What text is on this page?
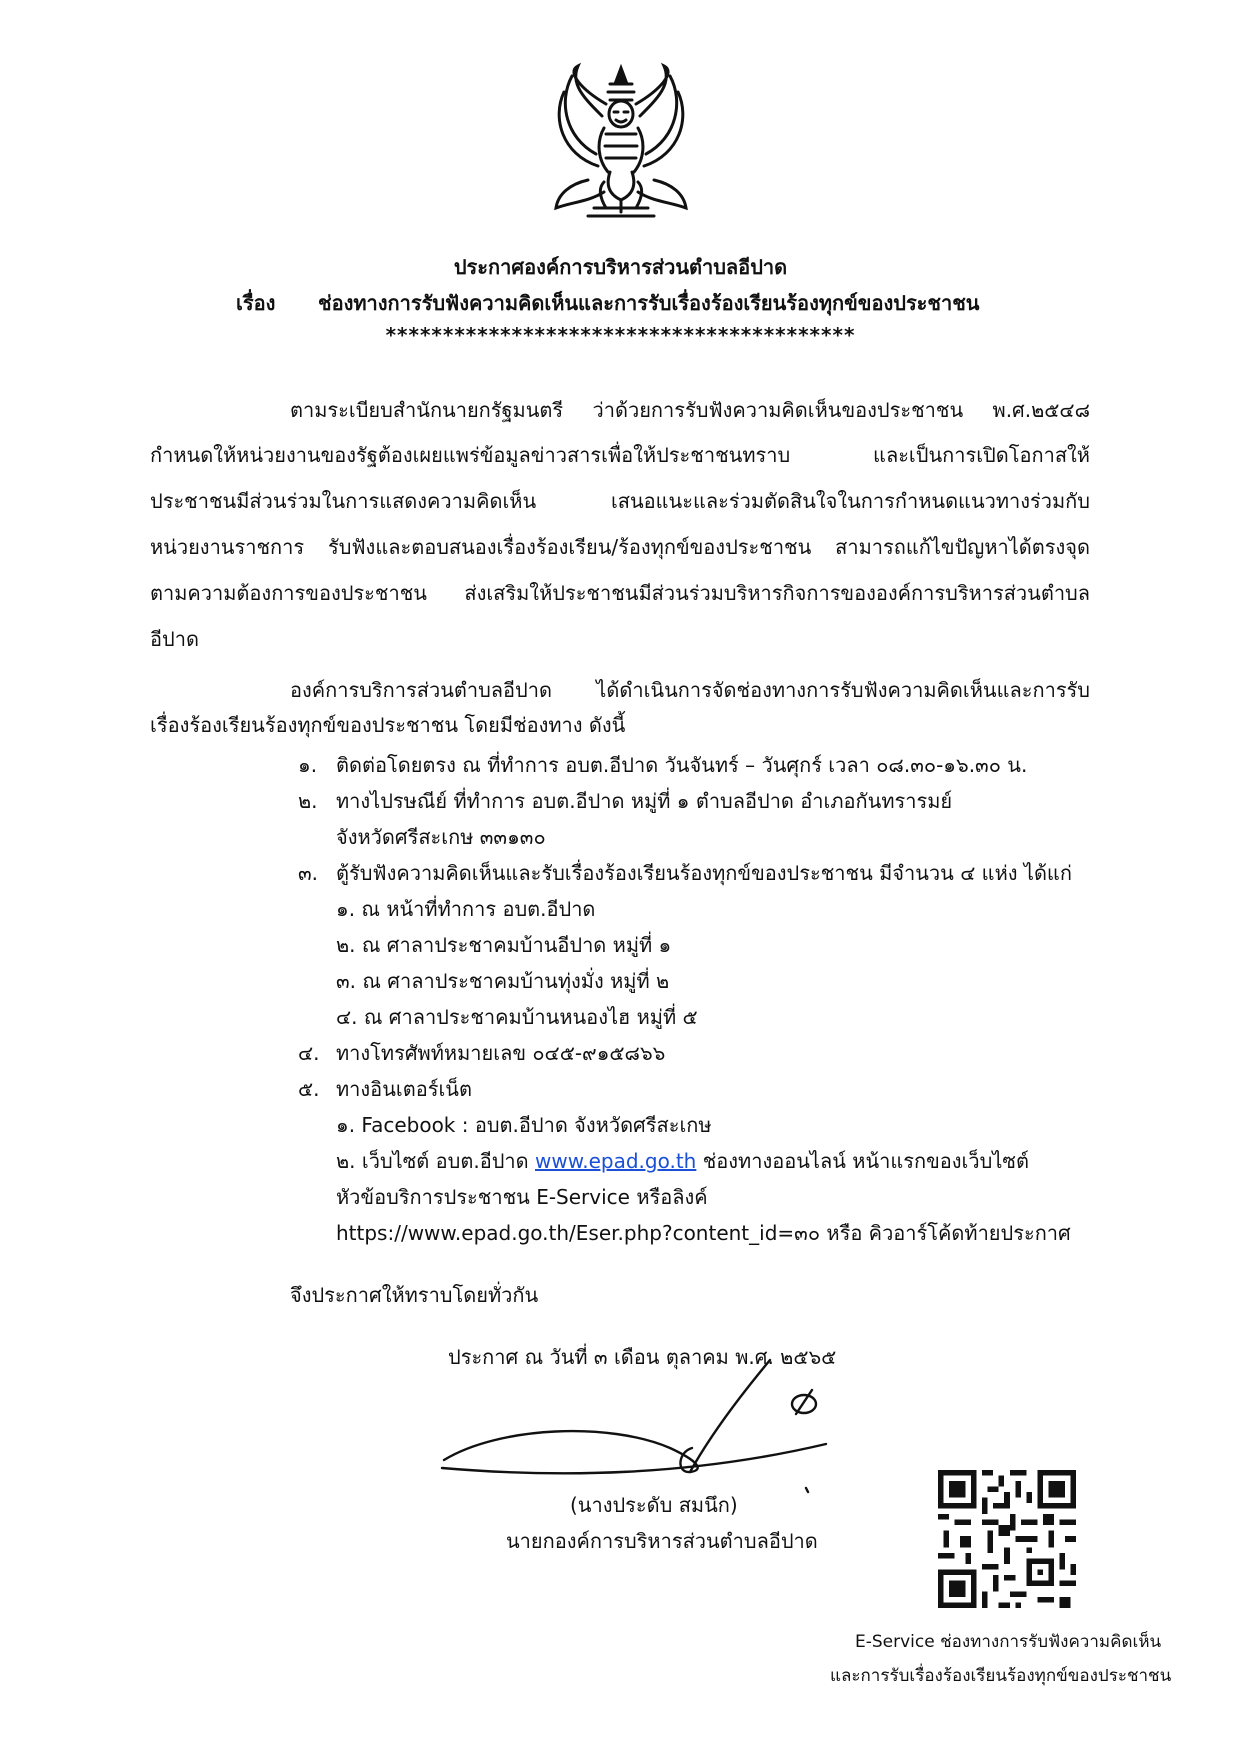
ประกาศองค์การบริหารส่วนตำบลอีปาด
เรื่อง ช่องทางการรับฟังความคิดเห็นและการรับเรื่องร้องเรียนร้องทุกข์ของประชาชน
*****************************************
ตามระเบียบสำนักนายกรัฐมนตรี ว่าด้วยการรับฟังความคิดเห็นของประชาชน พ.ศ.๒๕๔๘
กำหนดให้หน่วยงานของรัฐต้องเผยแพร่ข้อมูลข่าวสารเพื่อให้ประชาชนทราบ	และเป็นการเปิดโอกาสให้
ประชาชนมีส่วนร่วมในการแสดงความคิดเห็น	เสนอแนะและร่วมตัดสินใจในการกำหนดแนวทางร่วมกับ
หน่วยงานราชการ รับฟังและตอบสนองเรื่องร้องเรียน/ร้องทุกข์ของประชาชน สามารถแก้ไขปัญหาได้ตรงจุด
ตามความต้องการของประชาชน ส่งเสริมให้ประชาชนมีส่วนร่วมบริหารกิจการขององค์การบริหารส่วนตำบล
อีปาด
องค์การบริการส่วนตำบลอีปาด ได้ดำเนินการจัดช่องทางการรับฟังความคิดเห็นและการรับ
เรื่องร้องเรียนร้องทุกข์ของประชาชน โดยมีช่องทาง ดังนี้
๑. ติดต่อโดยตรง ณ ที่ทำการ อบต.อีปาด วันจันทร์ – วันศุกร์ เวลา ๐๘.๓๐-๑๖.๓๐ น.
๒. ทางไปรษณีย์ ที่ทำการ อบต.อีปาด หมู่ที่ ๑ ตำบลอีปาด อำเภอกันทรารมย์
จังหวัดศรีสะเกษ ๓๓๑๓๐
๓. ตู้รับฟังความคิดเห็นและรับเรื่องร้องเรียนร้องทุกข์ของประชาชน มีจำนวน ๔ แห่ง ได้แก่
๑. ณ หน้าที่ทำการ อบต.อีปาด
๒. ณ ศาลาประชาคมบ้านอีปาด หมู่ที่ ๑
๓. ณ ศาลาประชาคมบ้านทุ่งมั่ง หมู่ที่ ๒
๔. ณ ศาลาประชาคมบ้านหนองไฮ หมู่ที่ ๕
๔. ทางโทรศัพท์หมายเลข ๐๔๕-๙๑๕๘๖๖
๕. ทางอินเตอร์เน็ต
๑. Facebook : อบต.อีปาด จังหวัดศรีสะเกษ
๒. เว็บไซต์ อบต.อีปาด www.epad.go.th ช่องทางออนไลน์ หน้าแรกของเว็บไซต์
หัวข้อบริการประชาชน E-Service หรือลิงค์
https://www.epad.go.th/Eser.php?content_id=๓๐ หรือ คิวอาร์โค้ดท้ายประกาศ
จึงประกาศให้ทราบโดยทั่วกัน
ประกาศ ณ วันที่ ๓ เดือน ตุลาคม พ.ศ. ๒๕๖๕
(นางประดับ สมนึก)
นายกองค์การบริหารส่วนตำบลอีปาด
E-Service ช่องทางการรับฟังความคิดเห็น
และการรับเรื่องร้องเรียนร้องทุกข์ของประชาชน
